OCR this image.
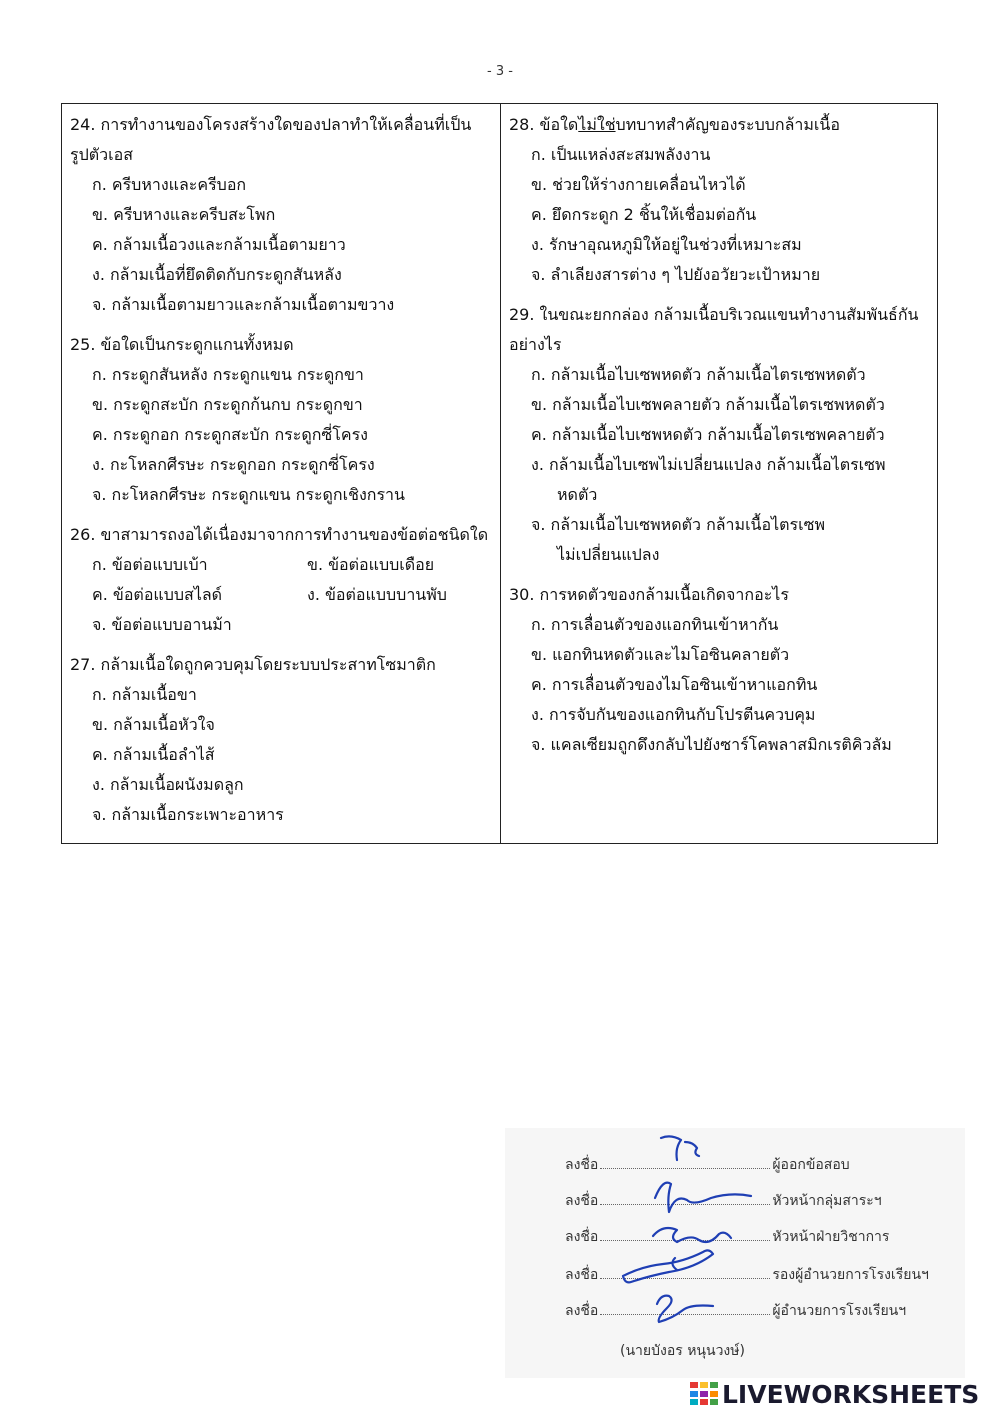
- 3 -
24. การทำงานของโครงสร้างใดของปลาทำให้เคลื่อนที่เป็น
รูปตัวเอส
ก. ครีบหางและครีบอก
ข. ครีบหางและครีบสะโพก
ค. กล้ามเนื้อวงและกล้ามเนื้อตามยาว
ง. กล้ามเนื้อที่ยึดติดกับกระดูกสันหลัง
จ. กล้ามเนื้อตามยาวและกล้ามเนื้อตามขวาง
25. ข้อใดเป็นกระดูกแกนทั้งหมด
ก. กระดูกสันหลัง กระดูกแขน กระดูกขา
ข. กระดูกสะบัก กระดูกก้นกบ กระดูกขา
ค. กระดูกอก กระดูกสะบัก กระดูกซี่โครง
ง. กะโหลกศีรษะ กระดูกอก กระดูกซี่โครง
จ. กะโหลกศีรษะ กระดูกแขน กระดูกเชิงกราน
26. ขาสามารถงอได้เนื่องมาจากการทำงานของข้อต่อชนิดใด
ก. ข้อต่อแบบเบ้า	ข. ข้อต่อแบบเดือย
ค. ข้อต่อแบบสไลด์	ง. ข้อต่อแบบบานพับ
จ. ข้อต่อแบบอานม้า
27. กล้ามเนื้อใดถูกควบคุมโดยระบบประสาทโซมาติก
ก. กล้ามเนื้อขา
ข. กล้ามเนื้อหัวใจ
ค. กล้ามเนื้อลำไส้
ง. กล้ามเนื้อผนังมดลูก
จ. กล้ามเนื้อกระเพาะอาหาร
28. ข้อใดไม่ใช่บทบาทสำคัญของระบบกล้ามเนื้อ
ก. เป็นแหล่งสะสมพลังงาน
ข. ช่วยให้ร่างกายเคลื่อนไหวได้
ค. ยึดกระดูก 2 ชิ้นให้เชื่อมต่อกัน
ง. รักษาอุณหภูมิให้อยู่ในช่วงที่เหมาะสม
จ. ลำเลียงสารต่าง ๆ ไปยังอวัยวะเป้าหมาย
29. ในขณะยกกล่อง กล้ามเนื้อบริเวณแขนทำงานสัมพันธ์กัน
อย่างไร
ก. กล้ามเนื้อไบเซพหดตัว กล้ามเนื้อไตรเซพหดตัว
ข. กล้ามเนื้อไบเซพคลายตัว กล้ามเนื้อไตรเซพหดตัว
ค. กล้ามเนื้อไบเซพหดตัว กล้ามเนื้อไตรเซพคลายตัว
ง. กล้ามเนื้อไบเซพไม่เปลี่ยนแปลง กล้ามเนื้อไตรเซพ
หดตัว
จ. กล้ามเนื้อไบเซพหดตัว กล้ามเนื้อไตรเซพ
ไม่เปลี่ยนแปลง
30. การหดตัวของกล้ามเนื้อเกิดจากอะไร
ก. การเลื่อนตัวของแอกทินเข้าหากัน
ข. แอกทินหดตัวและไมโอซินคลายตัว
ค. การเลื่อนตัวของไมโอซินเข้าหาแอกทิน
ง. การจับกันของแอกทินกับโปรตีนควบคุม
จ. แคลเซียมถูกดึงกลับไปยังซาร์โคพลาสมิกเรติคิวลัม
ลงชื่อ	ผู้ออกข้อสอบ
ลงชื่อ	หัวหน้ากลุ่มสาระฯ
ลงชื่อ	หัวหน้าฝ่ายวิชาการ
ลงชื่อ	รองผู้อำนวยการโรงเรียนฯ
ลงชื่อ	ผู้อำนวยการโรงเรียนฯ
(นายบังอร หนุนวงษ์)
LIVEWORKSHEETS
